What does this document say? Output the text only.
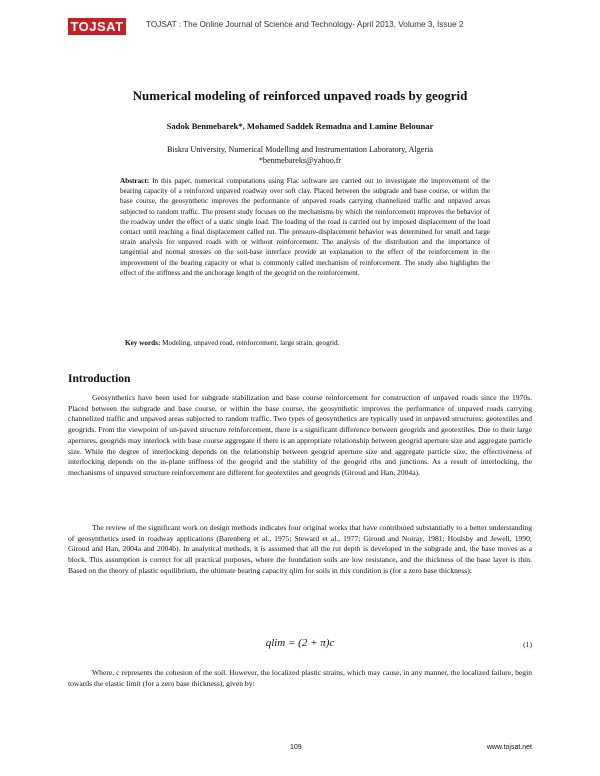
TOJSAT	TOJSAT : The Online Journal of Science and Technology- April 2013, Volume 3, Issue 2
Numerical modeling of reinforced unpaved roads by geogrid
Sadok Benmebarek*, Mohamed Saddek Remadna and Lamine Belounar
Biskra University, Numerical Modelling and Instrumentation Laboratory, Algeria
*benmebareks@yahoo.fr
Abstract: In this paper, numerical computations using Flac software are carried out to investigate the improvement of the bearing capacity of a reinforced unpaved roadway over soft clay. Placed between the subgrade and base course, or within the base course, the geosynthetic improves the performance of unpaved roads carrying channelized traffic and unpaved areas subjected to random traffic. The present study focuses on the mechanisms by which the reinforcement improves the behavior of the roadway under the effect of a static single load. The loading of the road is carried out by imposed displacement of the load contact until reaching a final displacement called rut. The pressure-displacement behavior was determined for small and large strain analysis for unpaved roads with or without reinforcement. The analysis of the distribution and the importance of tangential and normal stresses on the soil-base interface provide an explanation to the effect of the reinforcement in the improvement of the bearing capacity or what is commonly called mechanism of reinforcement. The study also highlights the effect of the stiffness and the anchorage length of the geogrid on the reinforcement.
Key words: Modeling, unpaved road, reinforcement, large strain, geogrid.
Introduction
Geosynthetics have been used for subgrade stabilization and base course reinforcement for construction of unpaved roads since the 1970s. Placed between the subgrade and base course, or within the base course, the geosynthetic improves the performance of unpaved roads carrying channelized traffic and unpaved areas subjected to random traffic. Two types of geosynthetics are typically used in unpaved structures: geotextiles and geogrids. From the viewpoint of un-paved structure reinforcement, there is a significant difference between geogrids and geotextiles. Due to their large apertures, geogrids may interlock with base course aggregate if there is an appropriate relationship between geogrid aperture size and aggregate particle size. While the degree of interlocking depends on the relationship between geogrid aperture size and aggregate particle size, the effectiveness of interlocking depends on the in-plane stiffness of the geogrid and the stability of the geogrid ribs and junctions. As a result of interlocking, the mechanisms of unpaved structure reinforcement are different for geotextiles and geogrids (Giroud and Han, 2004a).
The review of the significant work on design methods indicates four original works that have contributed substantially to a better understanding of geosynthetics used in roadway applications (Barenberg et al., 1975; Steward et al., 1977; Giroud and Noiray, 1981; Houlsby and Jewell, 1990; Giroud and Han, 2004a and 2004b). In analytical methods, it is assumed that all the rut depth is developed in the subgrade and, the base moves as a block. This assumption is correct for all practical purposes, where the foundation soils are low resistance, and the thickness of the base layer is thin. Based on the theory of plastic equilibrium, the ultimate bearing capacity qlim for soils in this condition is (for a zero base thickness):
qlim = (2 + π)c	(1)
Where, c represents the cohesion of the soil. However, the localized plastic strains, which may cause, in any manner, the localized failure, begin towards the elastic limit (for a zero base thickness), given by:
109	www.tojsat.net
